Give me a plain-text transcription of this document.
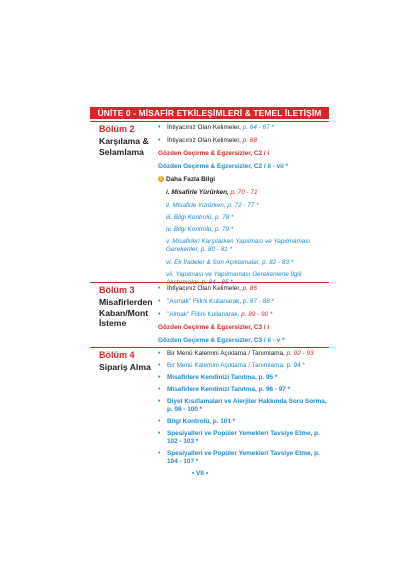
ÜNİTE 0 - MİSAFİR ETKİLEŞİMLERİ & TEMEL İLETİŞİM
Bölüm 2
Karşılama & Selamlama
•	İhtiyacınız Olan Kelimeler, p. 64 - 67 *
•	İhtiyacınız Olan Kelimeler, p. 68
Gözden Geçirme & Egzersizler, C2 / i
Gözden Geçirme & Egzersizler, C2 / ii - vii *
i Daha Fazla Bilgi
i. Misafirle Yürürken, p. 70 - 71
ii. Misafirle Yürürken, p. 72 - 77 *
iii. Bilgi Kontrolü, p. 78 *
iv. Bilgi Kontrolü, p. 79 *
v. Misafirleri Karşılarken Yapılması ve Yapılmaması Gerekenler, p. 80 - 81 *
vi. Ek İfadeler & Son Açıklamalar, p. 82 - 83 *
vii. Yapılması ve Yapılmaması Gerekenlerle İlgili
Bölüm 3
Misafirlerden Kaban/Mont İsteme
•	İhtiyacınız Olan Kelimeler, p. 86
•	"Asmak" Fiilini Kullanarak, p. 87 - 88 *
•	"Almak" Fiilini Kullanarak, p. 89 - 90 *
Gözden Geçirme & Egzersizler, C3 / i
Gözden Geçirme & Egzersizler, C3 / ii - v *
Bölüm 4
Sipariş Alma
•	Bir Menü Kalemini Açıklama / Tanımlama, p. 92 - 93
•	Bir Menü Kalemini Açıklama / Tanımlama, p. 94 *
•	Misafirlere Kendinizi Tanıtma, p. 95 *
•	Misafirlere Kendinizi Tanıtma, p. 96 - 97 *
•	Diyet Kısıtlamaları ve Alerjiler Hakkında Soru Sorma, p. 98 - 100 *
•	Bilgi Kontrolü, p. 101 *
•	Spesiyalleri ve Popüler Yemekleri Tavsiye Etme, p. 102 - 103 *
•	Spesiyalleri ve Popüler Yemekleri Tavsiye Etme, p. 104 - 107 *
• VII •
